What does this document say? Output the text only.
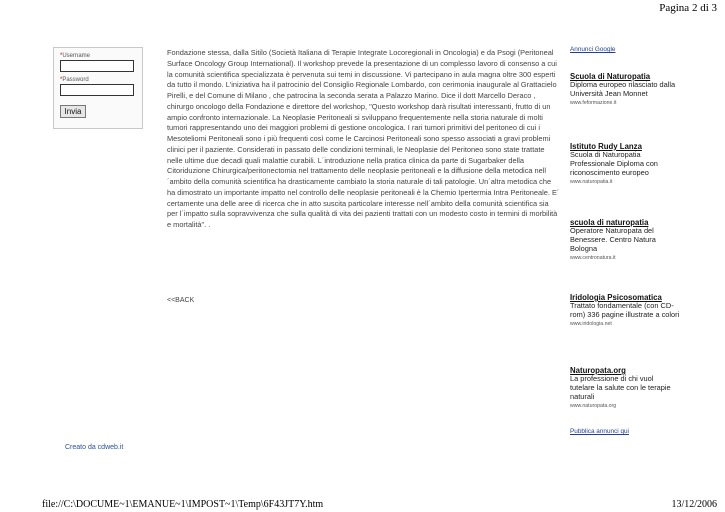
Pagina 2 di 3
*Username
*Password
Invia

Fondazione stessa, dalla Sitilo (Società Italiana di Terapie Integrate Locoregionali in Oncologia) e da Psogi (Peritoneal Surface Oncology Group International). Il workshop prevede la presentazione di un complesso lavoro di consenso a cui la comunità scientifica specializzata è pervenuta sui temi in discussione. Vi partecipano in aula magna oltre 300 esperti da tutto il mondo. L'iniziativa ha il patrocinio del Consiglio Regionale Lombardo, con cerimonia inaugurale al Grattacielo Pirelli, e del Comune di Milano , che patrocina la seconda serata a Palazzo Marino. Dice il dott Marcello Deraco , chirurgo oncologo della Fondazione e direttore del workshop, "Questo workshop darà risultati interessanti, frutto di un ampio confronto internazionale. La Neoplasie Peritoneali si sviluppano frequentemente nella storia naturale di molti tumori rappresentando uno dei maggiori problemi di gestione oncologica. I rari tumori primitivi del peritoneo di cui i Mesoteliomi Peritoneali sono i più frequenti così come le Carcinosi Peritoneali sono spesso associati a gravi problemi clinici per il paziente. Considerati in passato delle condizioni terminali, le Neoplasie del Peritoneo sono state trattate nelle ultime due decadi quali malattie curabili. L´introduzione nella pratica clinica da parte di Sugarbaker della Citoriduzione Chirurgica/peritonectomia nel trattamento delle neoplasie peritoneali e la diffusione della metodica nell´ambito della comunità scientifica ha drasticamente cambiato la storia naturale di tali patologie. Un´altra metodica che ha dimostrato un importante impatto nel controllo delle neoplasie peritoneali è la Chemio Ipertermia Intra Peritoneale. E´ certamente una delle aree di ricerca che in atto suscita particolare interesse nell´ambito della comunità scientifica sia per l´impatto sulla sopravvivenza che sulla qualità di vita dei pazienti trattati con un modesto costo in termini di morbilità e mortalità". .

<<BACK
Creato da cdweb.it
Annunci Google
Scuola di Naturopatia
Diploma europeo rilasciato dalla Università Jean Monnet
www.feformazione.it
Istituto Rudy Lanza
Scuola di Naturopatia Professionale Diploma con riconoscimento europeo
www.naturopatia.it
scuola di naturopatia
Operatore Naturopata del Benessere. Centro Natura Bologna
www.centronatura.it
Iridologia Psicosomatica
Trattato fondamentale (con CD-rom) 336 pagine illustrate a colori
www.iridologia.net
Naturopata.org
La professione di chi vuol tutelare la salute con le terapie naturali
www.naturopata.org
Pubblica annunci qui
file://C:\DOCUME~1\EMANUE~1\IMPOST~1\Temp\6F43JT7Y.htm	13/12/2006
